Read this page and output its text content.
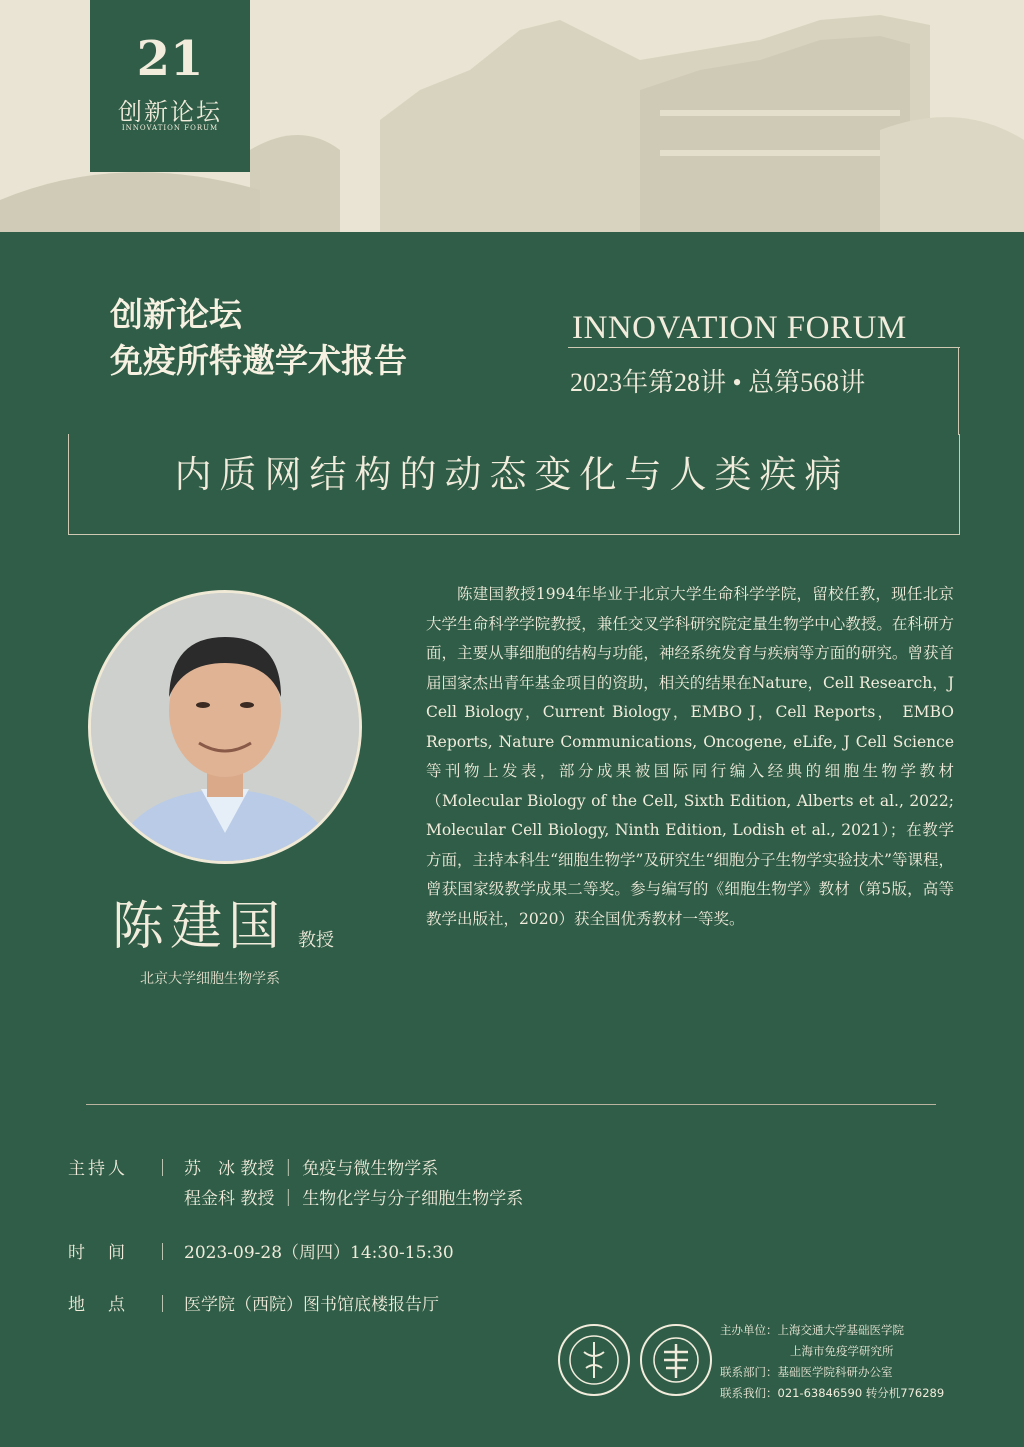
21
创新论坛
INNOVATION FORUM
创新论坛
免疫所特邀学术报告
INNOVATION FORUM
2023年第28讲 • 总第568讲
内质网结构的动态变化与人类疾病
陈建国 教授
北京大学细胞生物学系
陈建国教授1994年毕业于北京大学生命科学学院，留校任教，现任北京大学生命科学学院教授，兼任交叉学科研究院定量生物学中心教授。在科研方面，主要从事细胞的结构与功能，神经系统发育与疾病等方面的研究。曾获首届国家杰出青年基金项目的资助，相关的结果在Nature，Cell Research，J Cell Biology，Current Biology，EMBO J，Cell Reports， EMBO Reports, Nature Communications, Oncogene, eLife, J Cell Science等刊物上发表，部分成果被国际同行编入经典的细胞生物学教材（Molecular Biology of the Cell, Sixth Edition, Alberts et al., 2022; Molecular Cell Biology, Ninth Edition, Lodish et al., 2021）；在教学方面，主持本科生“细胞生物学”及研究生“细胞分子生物学实验技术”等课程，曾获国家级教学成果二等奖。参与编写的《细胞生物学》教材（第5版，高等教学出版社，2020）获全国优秀教材一等奖。
主持人 ｜ 苏　冰 教授 ｜ 免疫与微生物学系
程金科 教授 ｜ 生物化学与分子细胞生物学系
时　间 ｜ 2023-09-28（周四）14:30-15:30
地　点 ｜ 医学院（西院）图书馆底楼报告厅
主办单位：上海交通大学基础医学院
上海市免疫学研究所
联系部门：基础医学院科研办公室
联系我们：021-63846590 转分机776289
